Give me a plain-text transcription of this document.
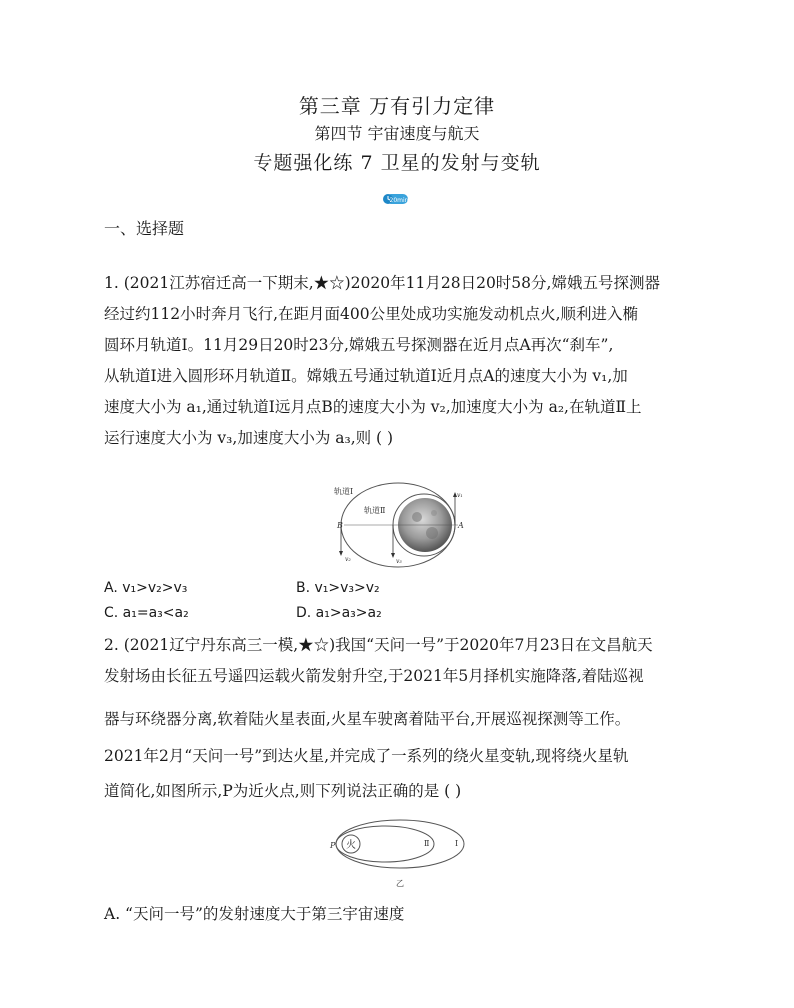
第三章 万有引力定律
第四节 宇宙速度与航天
专题强化练 7 卫星的发射与变轨
20min
一、选择题
1. (2021江苏宿迁高一下期末,★☆)2020年11月28日20时58分,嫦娥五号探测器
经过约112小时奔月飞行,在距月面400公里处成功实施发动机点火,顺利进入椭
圆环月轨道Ⅰ。11月29日20时23分,嫦娥五号探测器在近月点A再次“刹车”,
从轨道Ⅰ进入圆形环月轨道Ⅱ。嫦娥五号通过轨道Ⅰ近月点A的速度大小为 v₁,加
速度大小为 a₁,通过轨道Ⅰ远月点B的速度大小为 v₂,加速度大小为 a₂,在轨道Ⅱ上
运行速度大小为 v₃,加速度大小为 a₃,则 ( )
轨道Ⅰ
轨道Ⅱ
B	A
v₂	v₃
v₁
A. v₁>v₂>v₃	B. v₁>v₃>v₂
C. a₁=a₃<a₂	D. a₁>a₃>a₂
2. (2021辽宁丹东高三一模,★☆)我国“天问一号”于2020年7月23日在文昌航天
发射场由长征五号遥四运载火箭发射升空,于2021年5月择机实施降落,着陆巡视
器与环绕器分离,软着陆火星表面,火星车驶离着陆平台,开展巡视探测等工作。
2021年2月“天问一号”到达火星,并完成了一系列的绕火星变轨,现将绕火星轨
道简化,如图所示,P为近火点,则下列说法正确的是 ( )
火
P	Ⅱ	Ⅰ
乙
A. “天问一号”的发射速度大于第三宇宙速度
